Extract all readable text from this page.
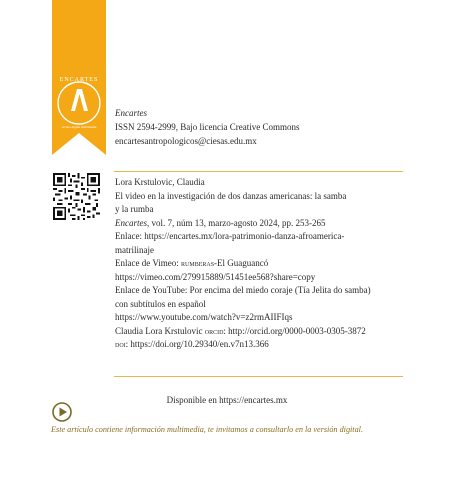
ENCARTES
revista digital multimedia
Encartes
ISSN 2594-2999, Bajo licencia Creative Commons
encartesantropologicos@ciesas.edu.mx
Lora Krstulovic, Claudia
El video en la investigación de dos danzas americanas: la samba
y la rumba
Encartes, vol. 7, núm 13, marzo-agosto 2024, pp. 253-265
Enlace: https://encartes.mx/lora-patrimonio-danza-afroamerica-
matrilinaje
Enlace de Vimeo: rumberas-El Guaguancó
https://vimeo.com/279915889/51451ee568?share=copy
Enlace de YouTube: Por encima del miedo coraje (Tía Jelita do samba)
con subtítulos en español
https://www.youtube.com/watch?v=z2rmAIIFIqs
Claudia Lora Krstulovic orcid: http://orcid.org/0000-0003-0305-3872
doi: https://doi.org/10.29340/en.v7n13.366
Disponible en https://encartes.mx
Este artículo contiene información multimedia, te invitamos a consultarlo en la versión digital.
